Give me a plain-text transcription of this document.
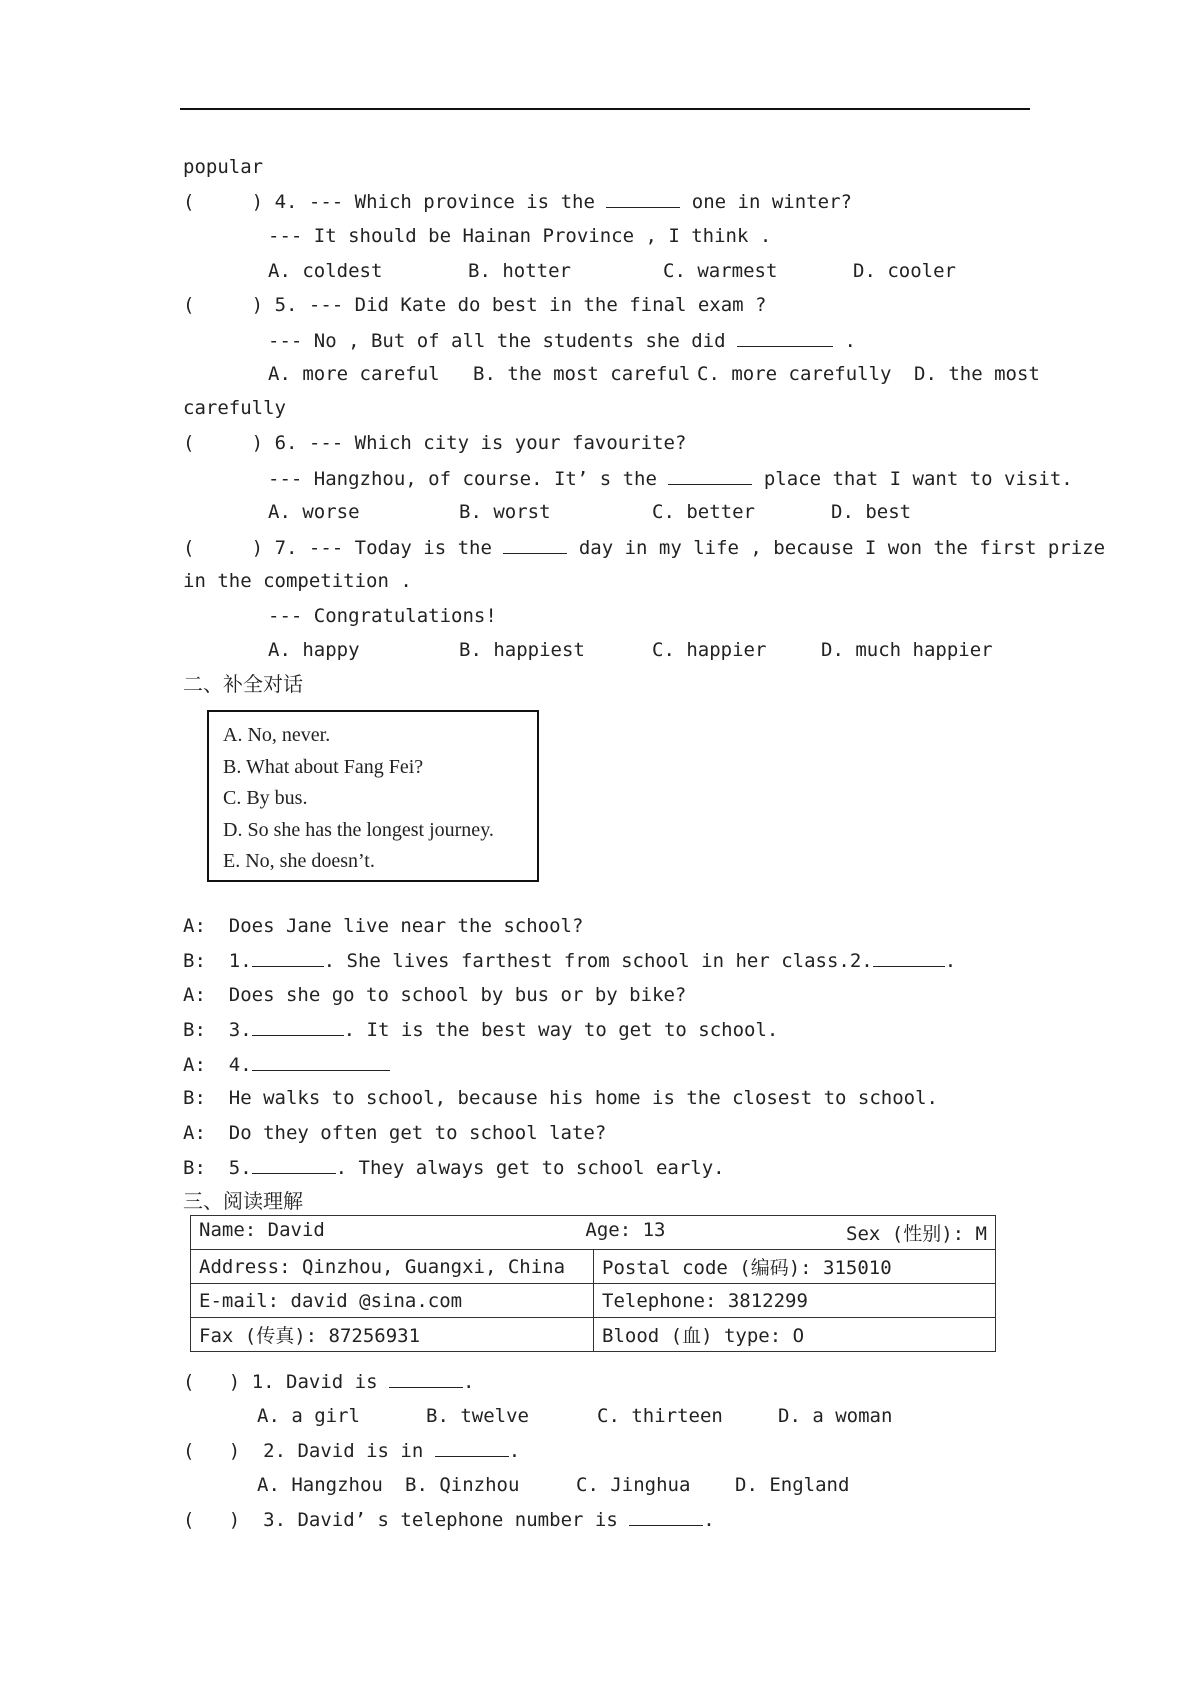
popular
(	) 4. --- Which province is the	one in winter?
--- It should be Hainan Province , I think .
A. coldest	B. hotter	C. warmest	D. cooler
(	) 5. --- Did Kate do best in the final exam ?
--- No , But of all the students she did	.
A. more careful B. the most careful C. more carefully D. the most
carefully
(	) 6. --- Which city is your favourite?
--- Hangzhou, of course. It’ s the	place that I want to visit.
A. worse	B. worst	C. better	D. best
(	) 7. --- Today is the	day in my life , because I won the first prize
in the competition .
--- Congratulations!
A. happy	B. happiest	C. happier	D. much happier
二、补全对话
A. No, never.
B. What about Fang Fei?
C. By bus.
D. So she has the longest journey.
E. No, she doesn’t.
A: Does Jane live near the school?
B: 1.	. She lives farthest from school in her class.2.	.
A: Does she go to school by bus or by bike?
B: 3.	. It is the best way to get to school.
A: 4.
B: He walks to school, because his home is the closest to school.
A: Do they often get to school late?
B: 5.	. They always get to school early.
三、阅读理解
Name: David Age: 13 Sex (性别): M	

Address: Qinzhou, Guangxi, China	Postal code (编码): 315010
E-mail: david @sina.com	Telephone: 3812299
Fax (传真): 87256931	Blood (血) type: O
( ) 1. David is	.
A. a girl	B. twelve	C. thirteen	D. a woman
( ) 2. David is in	.
A. Hangzhou B. Qinzhou	C. Jinghua D. England
( ) 3. David’ s telephone number is	.
